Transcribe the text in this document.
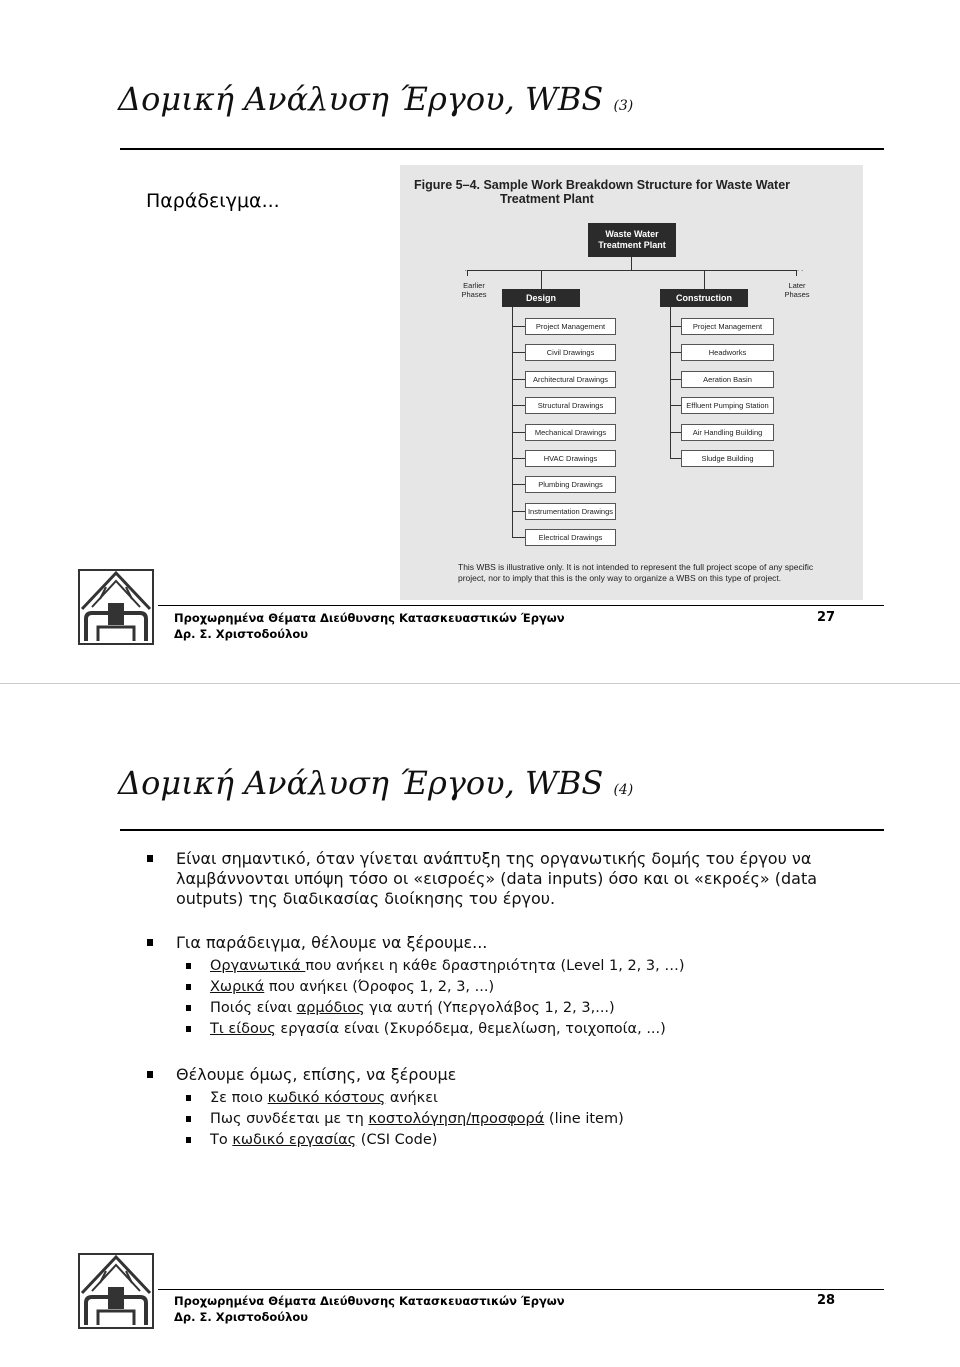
Δομική Ανάλυση Έργου, WBS (3)
Παράδειγμα...
Figure 5–4. Sample Work Breakdown Structure for Waste Water
Treatment Plant
Waste Water Treatment Plant
. . .
Earlier Phases
. . .
Later Phases
Design	Construction
Project Management
Civil Drawings
Architectural Drawings
Structural Drawings
Mechanical Drawings
HVAC Drawings
Plumbing Drawings
Instrumentation Drawings
Electrical Drawings
Project Management
Headworks
Aeration Basin
Effluent Pumping Station
Air Handling Building
Sludge Building
This WBS is illustrative only. It is not intended to represent the full project scope of any specific
project, nor to imply that this is the only way to organize a WBS on this type of project.
Προχωρημένα Θέματα Διεύθυνσης Κατασκευαστικών Έργων
Δρ. Σ. Χριστοδούλου
27
Δομική Ανάλυση Έργου, WBS (4)
Είναι σημαντικό, όταν γίνεται ανάπτυξη της οργανωτικής δομής του έργου να λαμβάννονται υπόψη τόσο οι «εισροές» (data inputs) όσο και οι «εκροές» (data outputs) της διαδικασίας διοίκησης του έργου.
Για παράδειγμα, θέλουμε να ξέρουμε...
Οργανωτικά που ανήκει η κάθε δραστηριότητα (Level 1, 2, 3, …)
Χωρικά που ανήκει (Όροφος 1, 2, 3, ...)
Ποιός είναι αρμόδιος για αυτή (Υπεργολάβος 1, 2, 3,...)
Τι είδους εργασία είναι (Σκυρόδεμα, θεμελίωση, τοιχοποία, ...)
Θέλουμε όμως, επίσης, να ξέρουμε
Σε ποιο κωδικό κόστους ανήκει
Πως συνδέεται με τη κοστολόγηση/προσφορά (line item)
Το κωδικό εργασίας (CSI Code)
Προχωρημένα Θέματα Διεύθυνσης Κατασκευαστικών Έργων
Δρ. Σ. Χριστοδούλου
28
